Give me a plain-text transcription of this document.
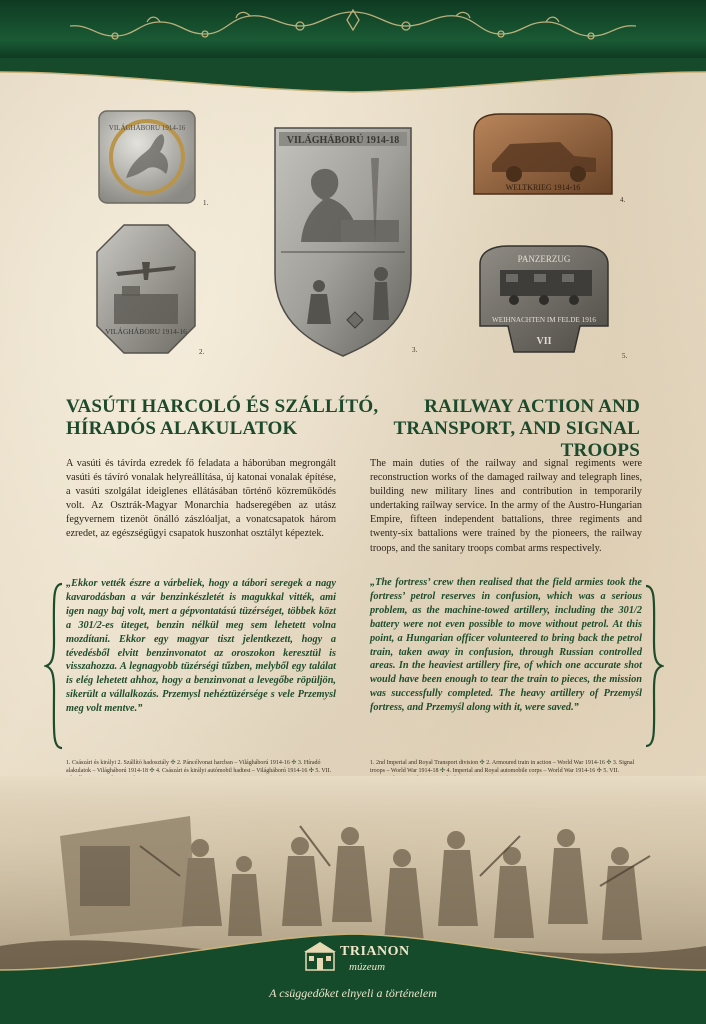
VILÁGHÁBORU 1914-16
1.
VILÁGHÁBORU 1914-16
2.
VILÁGHÁBORÚ 1914-18
3.
WELTKRIEG 1914-16
4.
PANZERZUG
WEIHNACHTEN IM FELDE 1916
VII
5.
VASÚTI HARCOLÓ ÉS SZÁLLÍTÓ,
HÍRADÓS ALAKULATOK
RAILWAY ACTION AND
TRANSPORT, AND SIGNAL TROOPS

A vasúti és távírda ezredek fő feladata a háborúban megrongált vasúti és távíró vonalak helyreállítása, új katonai vonalak építése, a vasúti szolgálat ideiglenes ellátásában történő közreműködés volt. Az Osztrák-Magyar Monarchia hadseregében az utász fegyvernem tizenöt önálló zászlóaljat, a vonatcsapatok három ezredet, az egészségügyi csapatok huszonhat osztályt képeztek.

The main duties of the railway and signal regiments were reconstruction works of the damaged railway and telegraph lines, building new military lines and contribution in temporarily undertaking railway service. In the army of the Austro-Hungarian Empire, fifteen independent battalions, three regiments and twenty-six battalions were trained by the pioneers, the railway troops, and the sanitary troops combat arms respectively.

„Ekkor vették észre a várbeliek, hogy a tábori seregek a nagy kavarodásban a vár benzinkészletét is magukkal vitték, ami igen nagy baj volt, mert a gépvontatású tüzérséget, többek közt a 301/2-es üteget, benzin nélkül meg sem lehetett volna mozdítani. Ekkor egy magyar tiszt jelentkezett, hogy a tévedésből elvitt benzinvonatot az oroszokon keresztül is visszahozza. A legnagyobb tüzérségi tűzben, melyből egy találat is elég lehetett ahhoz, hogy a benzinvonat a levegőbe röpüljön, sikerült a vállalkozás. Przemysl nehéztüzérsége s vele Przemysl meg volt mentve.”

„The fortress’ crew then realised that the field armies took the fortress’ petrol reserves in confusion, which was a serious problem, as the machine-towed artillery, including the 301/2 battery were not even possible to move without petrol. At this point, a Hungarian officer volunteered to bring back the petrol train, taken away in confusion, through Russian controlled areas. In the heaviest artillery fire, of which one accurate shot would have been enough to tear the train to pieces, the mission was successfully completed. The heavy artillery of Przemyśl fortress, and Przemyśl along with it, were saved.”

1. Császári és királyi 2. Szállító hadosztály ✣ 2. Páncélvonat harcban – Világháború 1914-16 ✣ 3. Híradó alakulatok – Világháború 1914-18 ✣ 4. Császári és királyi autómobil hadtest – Világháború 1914-16 ✣ 5. VII.

1. 2nd Imperial and Royal Transport division ✣ 2. Armoured train in action – World War 1914-16 ✣ 3. Signal troops – World War 1914-18 ✣ 4. Imperial and Royal automobile corps – World War 1914-16 ✣ 5. VII.

TRIANON
múzeum
A csüggedőket elnyeli a történelem
